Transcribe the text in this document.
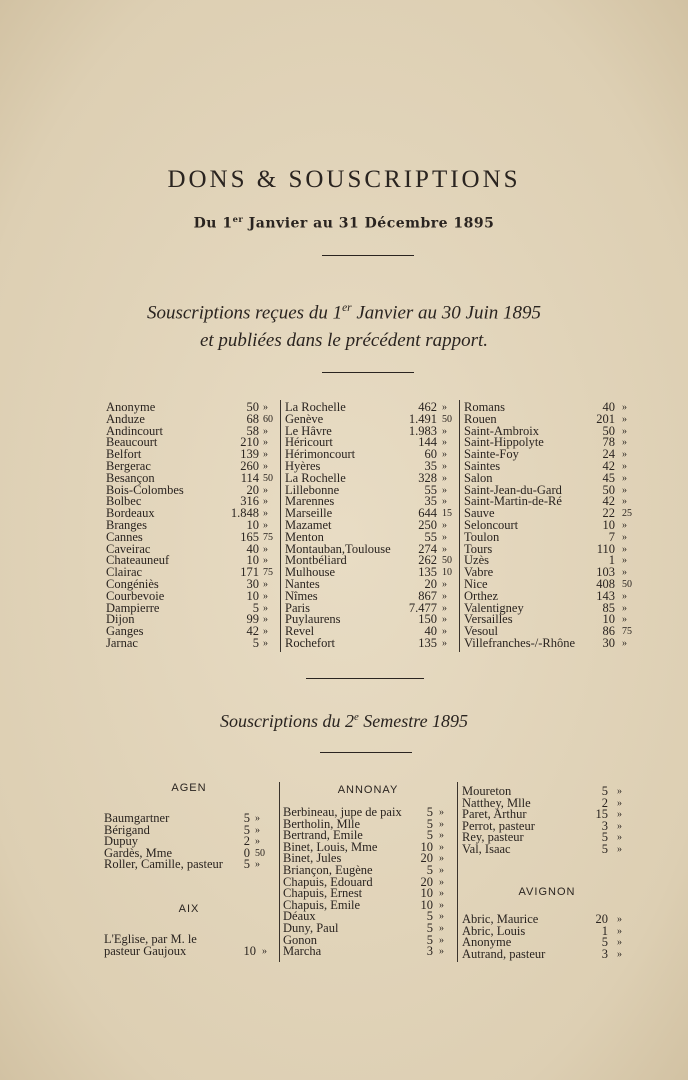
DONS & SOUSCRIPTIONS
Du 1er Janvier au 31 Décembre 1895
Souscriptions reçues du 1er Janvier au 30 Juin 1895
et publiées dans le précédent rapport.
Anonyme	50 »
Anduze	68 60
Andincourt	58 »
Beaucourt	210 »
Belfort	139 »
Bergerac	260 »
Besançon	114 50
Bois-Colombes	20 »
Bolbec	316 »
Bordeaux	1.848 »
Branges	10 »
Cannes	165 75
Caveirac	40 »
Chateauneuf	10 »
Clairac	171 75
Congéniès	30 »
Courbevoie	10 »
Dampierre	5 »
Dijon	99 »
Ganges	42 »
Jarnac	5 »
La Rochelle	462 »
Genève	1.491 50
Le Hâvre	1.983 »
Héricourt	144 »
Hérimoncourt	60 »
Hyères	35 »
La Rochelle	328 »
Lillebonne	55 »
Marennes	35 »
Marseille	644 15
Mazamet	250 »
Menton	55 »
Montauban,Toulouse 274 »
Montbéliard	262 50
Mulhouse	135 10
Nantes	20 »
Nîmes	867 »
Paris	7.477 »
Puylaurens	150 »
Revel	40 »
Rochefort	135 »
Romans	40 »
Rouen	201 »
Saint-Ambroix	50 »
Saint-Hippolyte	78 »
Sainte-Foy	24 »
Saintes	42 »
Salon	45 »
Saint-Jean-du-Gard	50 »
Saint-Martin-de-Ré	42 »
Sauve	22 25
Seloncourt	10 »
Toulon	7 »
Tours	110 »
Uzès	1 »
Vabre	103 »
Nice	408 50
Orthez	143 »
Valentigney	85 »
Versailles	10 »
Vesoul	86 75
Villefranches-/-Rhône 30 »
Souscriptions du 2e Semestre 1895
AGEN
Baumgartner	5 »
Bérigand	5 »
Dupuy	2 »
Gardès, Mme	0 50
Roller, Camille, pasteur 5 »
AIX
L'Eglise, par M. le
pasteur Gaujoux	10 »
ANNONAY
Berbineau, jupe de paix 5 »
Bertholin, Mlle	5 »
Bertrand, Emile	5 »
Binet, Louis, Mme	10 »
Binet, Jules	20 »
Briançon, Eugène	5 »
Chapuis, Edouard	20 »
Chapuis, Ernest	10 »
Chapuis, Emile	10 »
Déaux	5 »
Duny, Paul	5 »
Gonon	5 »
Marcha	3 »
Moureton	5 »
Natthey, Mlle	2 »
Paret, Arthur	15 »
Perrot, pasteur	3 »
Rey, pasteur	5 »
Val, Isaac	5 »
AVIGNON
Abric, Maurice	20 »
Abric, Louis	1 »
Anonyme	5 »
Autrand, pasteur	3 »
